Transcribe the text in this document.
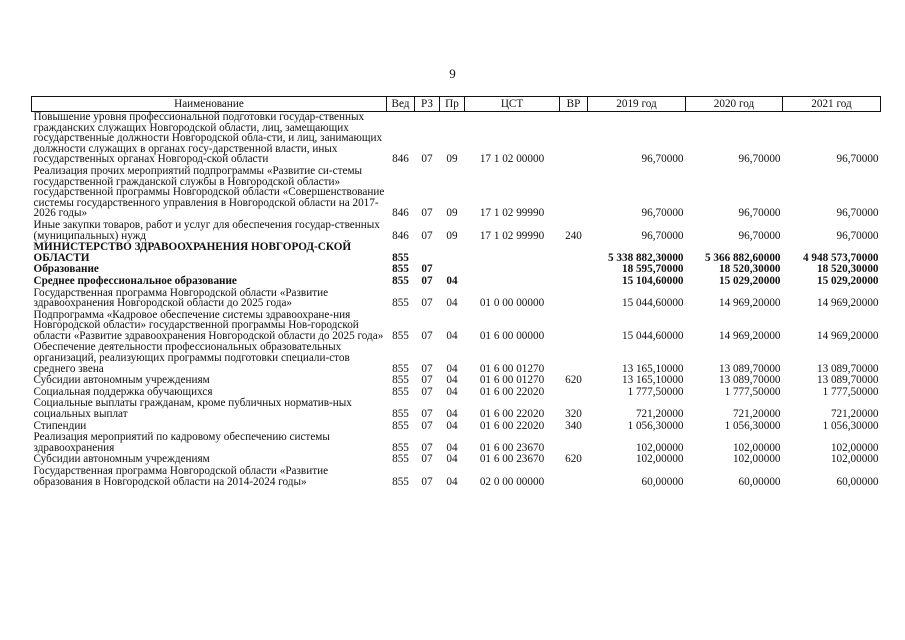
9
Наименование	Вед	РЗ	Пр	ЦСТ	ВР	2019 год	2020 год	2021 год
Повышение уровня профессиональной подготовки государ-ственных гражданских служащих Новгородской области, лиц, замещающих государственные должности Новгородской обла-сти, и лиц, занимающих должности служащих в органах госу-дарственной власти, иных государственных органах Новгород-ской области	846	07	09	17 1 02 00000		96,70000	96,70000	96,70000
Реализация прочих мероприятий подпрограммы «Развитие си-стемы государственной гражданской службы в Новгородской области» государственной программы Новгородской области «Совершенствование системы государственного управления в Новгородской области на 2017-2026 годы»	846	07	09	17 1 02 99990		96,70000	96,70000	96,70000
Иные закупки товаров, работ и услуг для обеспечения государ-ственных (муниципальных) нужд	846	07	09	17 1 02 99990	240	96,70000	96,70000	96,70000
МИНИСТЕРСТВО ЗДРАВООХРАНЕНИЯ НОВГОРОД-СКОЙ ОБЛАСТИ	855					5 338 882,30000	5 366 882,60000	4 948 573,70000
Образование	855	07				18 595,70000	18 520,30000	18 520,30000
Среднее профессиональное образование	855	07	04			15 104,60000	15 029,20000	15 029,20000
Государственная программа Новгородской области «Развитие здравоохранения Новгородской области до 2025 года»	855	07	04	01 0 00 00000		15 044,60000	14 969,20000	14 969,20000
Подпрограмма «Кадровое обеспечение системы здравоохране-ния Новгородской области» государственной программы Нов-городской области «Развитие здравоохранения Новгородской области до 2025 года»	855	07	04	01 6 00 00000		15 044,60000	14 969,20000	14 969,20000
Обеспечение деятельности профессиональных образовательных организаций, реализующих программы подготовки специали-стов среднего звена	855	07	04	01 6 00 01270		13 165,10000	13 089,70000	13 089,70000
Субсидии автономным учреждениям	855	07	04	01 6 00 01270	620	13 165,10000	13 089,70000	13 089,70000
Социальная поддержка обучающихся	855	07	04	01 6 00 22020		1 777,50000	1 777,50000	1 777,50000
Социальные выплаты гражданам, кроме публичных норматив-ных социальных выплат	855	07	04	01 6 00 22020	320	721,20000	721,20000	721,20000
Стипендии	855	07	04	01 6 00 22020	340	1 056,30000	1 056,30000	1 056,30000
Реализация мероприятий по кадровому обеспечению системы здравоохранения	855	07	04	01 6 00 23670		102,00000	102,00000	102,00000
Субсидии автономным учреждениям	855	07	04	01 6 00 23670	620	102,00000	102,00000	102,00000
Государственная программа Новгородской области «Развитие образования в Новгородской области на 2014-2024 годы»	855	07	04	02 0 00 00000		60,00000	60,00000	60,00000
